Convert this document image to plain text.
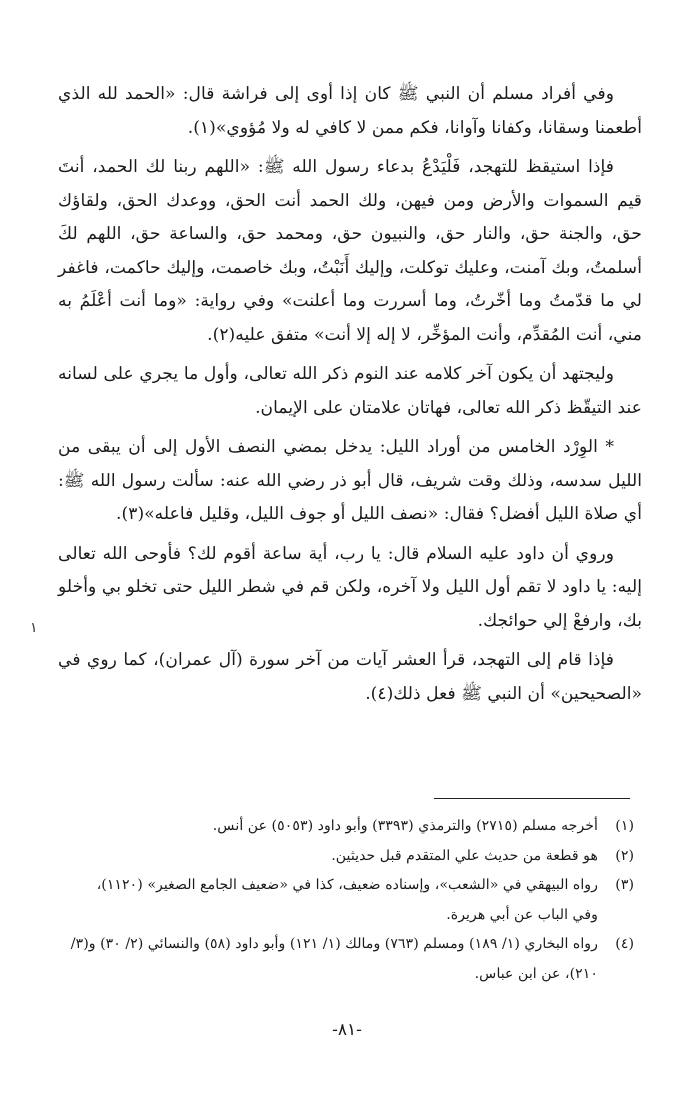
وفي أفراد مسلم أن النبي ﷺ كان إذا أوى إلى فراشة قال: «الحمد لله الذي أطعمنا وسقانا، وكفانا وآوانا، فكم ممن لا كافي له ولا مُؤوي»(١).

فإذا استيقظ للتهجد، فَلْيَدْعُ بدعاء رسول الله ﷺ: «اللهم ربنا لك الحمد، أنتَ قيم السموات والأرض ومن فيهن، ولك الحمد أنت الحق، ووعدك الحق، ولقاؤك حق، والجنة حق، والنار حق، والنبيون حق، ومحمد حق، والساعة حق، اللهم لكَ أسلمتُ، وبك آمنت، وعليك توكلت، وإليك أَنَبْتُ، وبك خاصمت، وإليك حاكمت، فاغفر لي ما قدّمتُ وما أخّرتُ، وما أسررت وما أعلنت» وفي رواية: «وما أنت أعْلَمُ به مني، أنت المُقدِّم، وأنت المؤخِّر، لا إله إلا أنت» متفق عليه(٢).

وليجتهد أن يكون آخر كلامه عند النوم ذكر الله تعالى، وأول ما يجري على لسانه عند التيقّظ ذكر الله تعالى، فهاتان علامتان على الإيمان.

* الوِرْد الخامس من أوراد الليل: يدخل بمضي النصف الأول إلى أن يبقى من الليل سدسه، وذلك وقت شريف، قال أبو ذر رضي الله عنه: سألت رسول الله ﷺ: أي صلاة الليل أفضل؟ فقال: «نصف الليل أو جوف الليل، وقليل فاعله»(٣).

وروي أن داود عليه السلام قال: يا رب، أية ساعة أقوم لك؟ فأوحى الله تعالى إليه: يا داود لا تقم أول الليل ولا آخره، ولكن قم في شطر الليل حتى تخلو بي وأخلو بك، وارفعْ إلي حوائجك.

فإذا قام إلى التهجد، قرأ العشر آيات من آخر سورة (آل عمران)، كما روي في «الصحيحين» أن النبي ﷺ فعل ذلك(٤).

١

(١)أخرجه مسلم (٢٧١٥) والترمذي (٣٣٩٣) وأبو داود (٥٠٥٣) عن أنس.

(٢)هو قطعة من حديث علي المتقدم قبل حديثين.

(٣)رواه البيهقي في «الشعب»، وإسناده ضعيف، كذا في «ضعيف الجامع الصغير» (١١٢٠)، وفي الباب عن أبي هريرة.

(٤)رواه البخاري (١/ ١٨٩) ومسلم (٧٦٣) ومالك (١/ ١٢١) وأبو داود (٥٨) والنسائي (٢/ ٣٠) و(٣/ ٢١٠)، عن ابن عباس.

-٨١-
